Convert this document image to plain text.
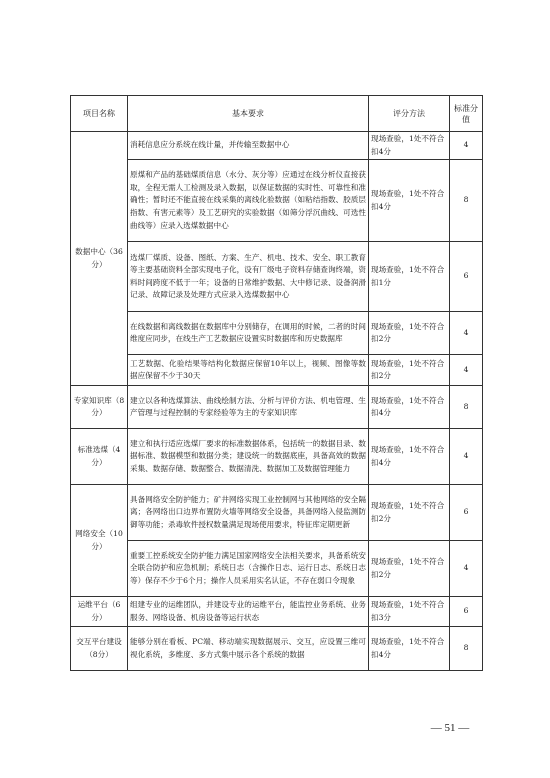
项目名称	基本要求	评分方法	标准分值
数据中心（36分）	消耗信息应分系统在线计量，并传输至数据中心	现场查验，1处不符合扣4分	4
	原煤和产品的基础煤质信息（水分、灰分等）应通过在线分析仪直接获取，全程无需人工检测及录入数据，以保证数据的实时性、可靠性和准确性；暂时还不能直接在线采集的离线化验数据（如粘结指数、胶质层指数、有害元素等）及工艺研究的实验数据（如筛分浮沉曲线、可选性曲线等）应录入选煤数据中心	现场查验，1处不符合扣4分	8
	选煤厂煤质、设备、图纸、方案、生产、机电、技术、安全、职工教育等主要基础资料全部实现电子化，设有厂级电子资料存储查询终端，资料时间跨度不低于一年；设备的日常维护数据、大中修记录、设备润滑记录、故障记录及处理方式应录入选煤数据中心	现场查验，1处不符合扣1分	6
	在线数据和离线数据在数据库中分别储存，在调用的时候，二者的时间维度应同步，在线生产工艺数据应设置实时数据库和历史数据库	现场查验，1处不符合扣2分	4
	工艺数据、化验结果等结构化数据应保留10年以上，视频、图像等数据应保留不少于30天	现场查验，1处不符合扣2分	4
专家知识库（8分）	建立以各种选煤算法、曲线绘制方法、分析与评价方法、机电管理、生产管理与过程控制的专家经验等为主的专家知识库	现场查验，1处不符合扣4分	8
标准选煤（4分）	建立和执行适应选煤厂要求的标准数据体系，包括统一的数据目录、数据标准、数据模型和数据分类；建设统一的数据底座，具备高效的数据采集、数据存储、数据整合、数据清洗、数据加工及数据管理能力	现场查验，1处不符合扣4分	4
网络安全（10分）	具备网络安全防护能力；矿井网络实现工业控制网与其他网络的安全隔离；各网络出口边界布置防火墙等网络安全设备，具备网络入侵监测防御等功能；杀毒软件授权数量满足现场使用要求，特征库定期更新	现场查验，1处不符合扣2分	6
	重要工控系统安全防护能力满足国家网络安全法相关要求，具备系统安全联合防护和应急机制；系统日志（含操作日志、运行日志、系统日志等）保存不少于6个月；操作人员采用实名认证，不存在弱口令现象	现场查验，1处不符合扣2分	4
运维平台（6分）	组建专业的运维团队，并建设专业的运维平台，能监控业务系统、业务服务、网络设备、机房设备等运行状态	现场查验，1处不符合扣3分	6
交互平台建设（8分）	能够分别在看板、PC端、移动端实现数据展示、交互，应设置三维可视化系统，多维度、多方式集中展示各个系统的数据	现场查验，1处不符合扣4分	8
— 51 —
